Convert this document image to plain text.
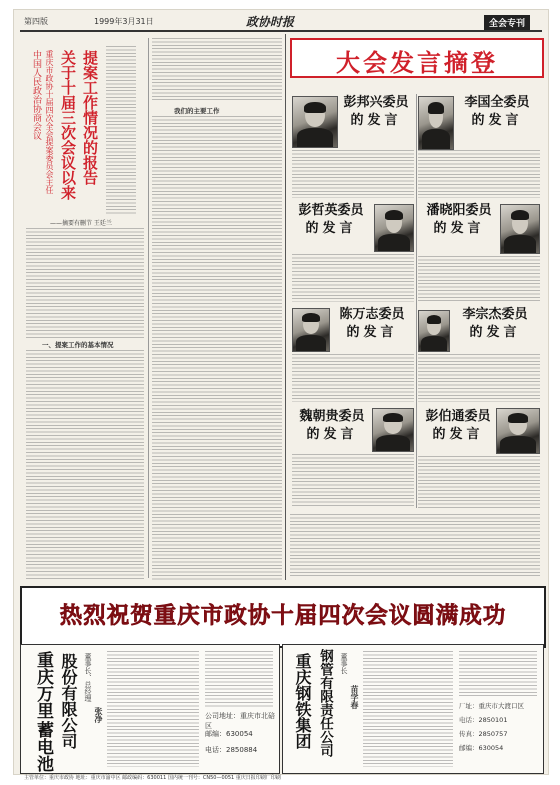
第四版	1999年3月31日	政协时报	全会专刊
中国人民政治协商会议 重庆市政协十届四次全会提案委员会主任 关于十届三次会议以来 提案工作情况的报告
——摘要有删节 王廷兰
一、提案工作的基本情况
我们的主要工作
大会发言摘登
彭邦兴委员
的发言
李国全委员
的发言
彭哲英委员
的发言
潘晓阳委员
的发言
陈万志委员
的发言
李宗杰委员
的发言
魏朝贵委员
的发言
彭伯通委员
的发言
热烈祝贺重庆市政协十届四次会议圆满成功
重庆万里
蓄电池 股份有限公司 董事长、总经理
张净	公司地址：重庆市北碚区
邮编：630054
电话：2850884
重庆钢铁集团 钢管有限责任公司 董事长
苗学春	厂址：重庆市大渡口区
电话：2850101
传真：2850757
邮编：630054
主管单位：重庆市政协 地址：重庆市渝中区 邮政编码：630011 国内统一刊号：CN50—0051 重庆日报印刷厂印刷
